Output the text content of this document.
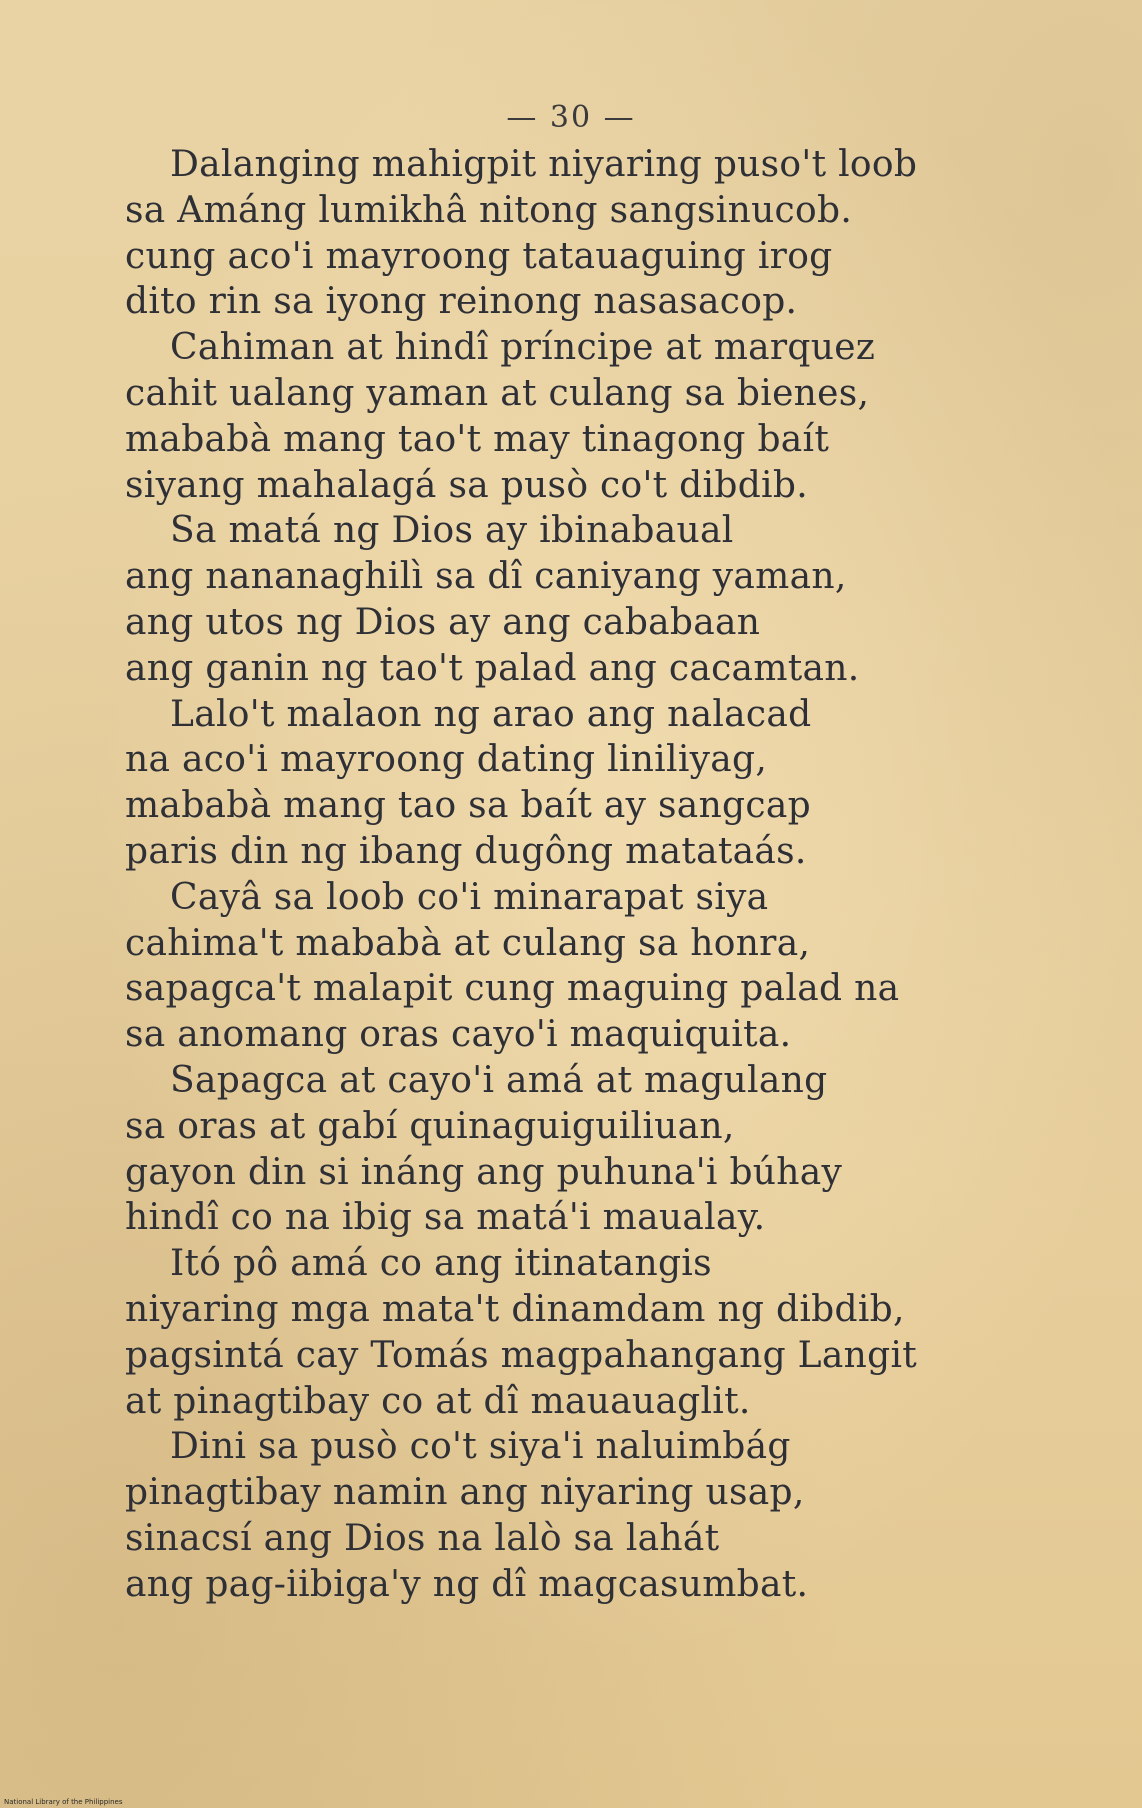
— 30 —
Dalanging mahigpit niyaring puso't loob
sa Amáng lumikhâ nitong sangsinucob.
cung aco'i mayroong tatauaguing irog
dito rin sa iyong reinong nasasacop.
Cahiman at hindî príncipe at marquez
cahit ualang yaman at culang sa bienes,
mababà mang tao't may tinagong baít
siyang mahalagá sa pusò co't dibdib.
Sa matá ng Dios ay ibinabaual
ang nananaghilì sa dî caniyang yaman,
ang utos ng Dios ay ang cababaan
ang ganin ng tao't palad ang cacamtan.
Lalo't malaon ng arao ang nalacad
na aco'i mayroong dating liniliyag,
mababà mang tao sa baít ay sangcap
paris din ng ibang dugông matataás.
Cayâ sa loob co'i minarapat siya
cahima't mababà at culang sa honra,
sapagca't malapit cung maguing palad na
sa anomang oras cayo'i maquiquita.
Sapagca at cayo'i amá at magulang
sa oras at gabí quinaguiguiliuan,
gayon din si ináng ang puhuna'i búhay
hindî co na ibig sa matá'i maualay.
Itó pô amá co ang itinatangis
niyaring mga mata't dinamdam ng dibdib,
pagsintá cay Tomás magpahangang Langit
at pinagtibay co at dî mauauaglit.
Dini sa pusò co't siya'i naluimbág
pinagtibay namin ang niyaring usap,
sinacsí ang Dios na lalò sa lahát
ang pag-iibiga'y ng dî magcasumbat.
National Library of the Philippines
